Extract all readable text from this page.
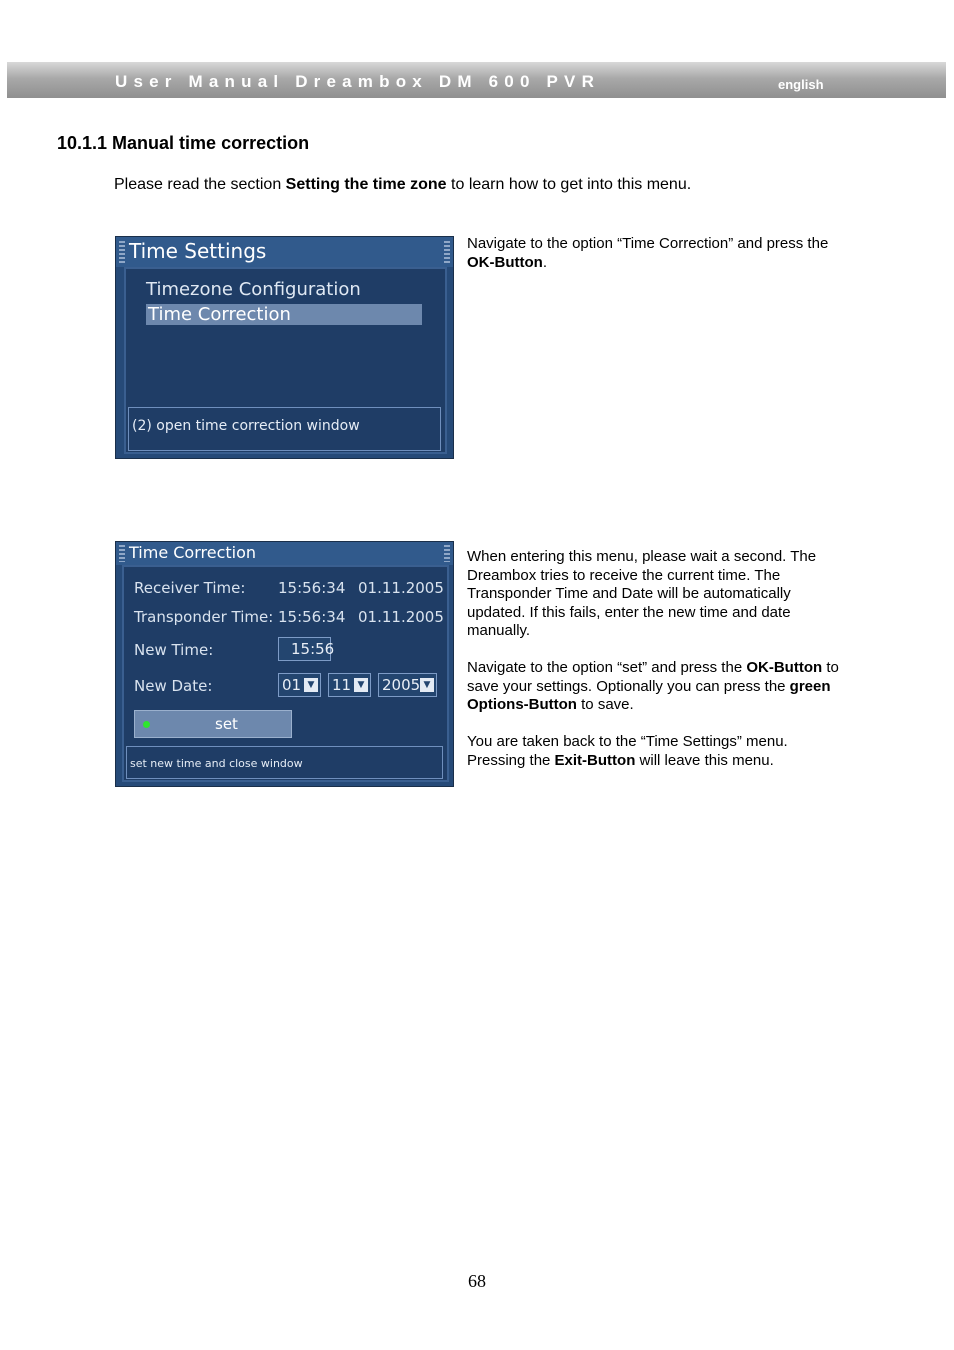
User Manual Dreambox DM 600 PVR	english
10.1.1 Manual time correction
Please read the section Setting the time zone to learn how to get into this menu.
Time Settings
Timezone Configuration
Time Correction
(2) open time correction window

Navigate to the option “Time Correction” and press the OK-Button.

Time Correction
Receiver Time: 15:56:34 01.11.2005
Transponder Time: 15:56:34 01.11.2005
New Time:	15:56
New Date:	01 ▼ 11 ▼ 2005 ▼
set
set new time and close window

When entering this menu, please wait a second. The Dreambox tries to receive the current time. The Transponder Time and Date will be automatically updated. If this fails, enter the new time and date manually.

Navigate to the option “set” and press the OK-Button to save your settings. Optionally you can press the green Options-Button to save.

You are taken back to the “Time Settings” menu. Pressing the Exit-Button will leave this menu.

68
